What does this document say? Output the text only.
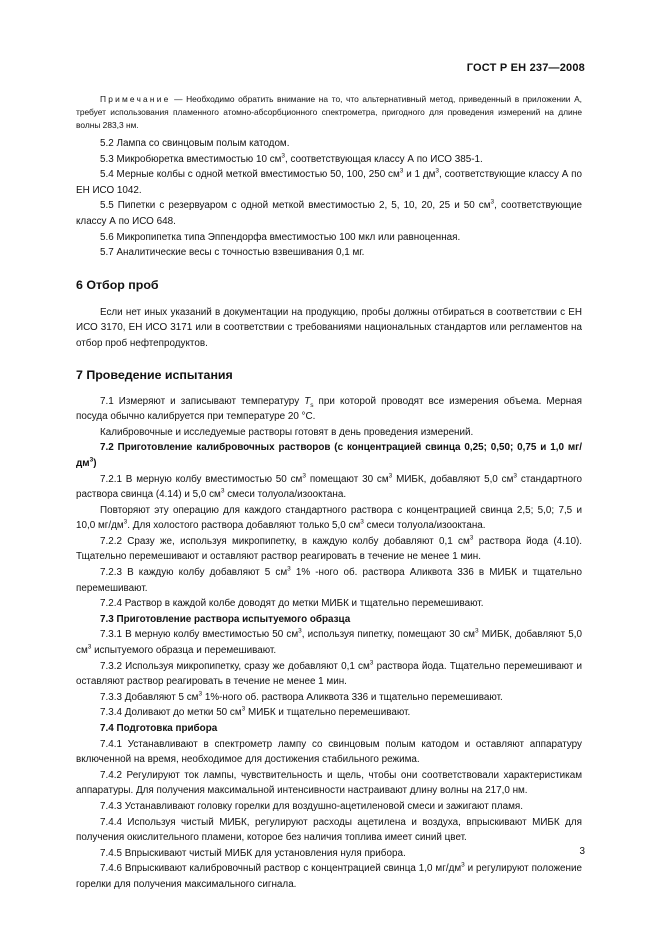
ГОСТ Р ЕН 237—2008

Примечание — Необходимо обратить внимание на то, что альтернативный метод, приведенный в приложении А, требует использования пламенного атомно-абсорбционного спектрометра, пригодного для проведения измерений на длине волны 283,3 нм.

5.2 Лампа со свинцовым полым катодом.

5.3 Микробюретка вместимостью 10 $см^3$, соответствующая классу А по ИСО 385-1.

5.4 Мерные колбы с одной меткой вместимостью 50, 100, 250 $см^3$ и 1 $дм^3$, соответствующие классу А по ЕН ИСО 1042.

5.5 Пипетки с резервуаром с одной меткой вместимостью 2, 5, 10, 20, 25 и 50 $см^3$, соответствующие классу А по ИСО 648.

5.6 Микропипетка типа Эппендорфа вместимостью 100 мкл или равноценная.

5.7 Аналитические весы с точностью взвешивания 0,1 мг.

6 Отбор проб

Если нет иных указаний в документации на продукцию, пробы должны отбираться в соответствии с ЕН ИСО 3170, ЕН ИСО 3171 или в соответствии с требованиями национальных стандартов или регламентов на отбор проб нефтепродуктов.

7 Проведение испытания

7.1 Измеряют и записывают температуру $T_s$ при которой проводят все измерения объема. Мерная посуда обычно калибруется при температуре 20 °С.

Калибровочные и исследуемые растворы готовят в день проведения измерений.

7.2 Приготовление калибровочных растворов (с концентрацией свинца 0,25; 0,50; 0,75 и 1,0 $мг/дм^3$)

7.2.1 В мерную колбу вместимостью 50 $см^3$ помещают 30 $см^3$ МИБК, добавляют 5,0 $см^3$ стандартного раствора свинца (4.14) и 5,0 $см^3$ смеси толуола/изооктана.

Повторяют эту операцию для каждого стандартного раствора с концентрацией свинца 2,5; 5,0; 7,5 и 10,0 $мг/дм^3$. Для холостого раствора добавляют только 5,0 $см^3$ смеси толуола/изооктана.

7.2.2 Сразу же, используя микропипетку, в каждую колбу добавляют 0,1 $см^3$ раствора йода (4.10). Тщательно перемешивают и оставляют раствор реагировать в течение не менее 1 мин.

7.2.3 В каждую колбу добавляют 5 $см^3$ 1% -ного об. раствора Аликвота 336 в МИБК и тщательно перемешивают.

7.2.4 Раствор в каждой колбе доводят до метки МИБК и тщательно перемешивают.

7.3 Приготовление раствора испытуемого образца

7.3.1 В мерную колбу вместимостью 50 $см^3$, используя пипетку, помещают 30 $см^3$ МИБК, добавляют 5,0 $см^3$ испытуемого образца и перемешивают.

7.3.2 Используя микропипетку, сразу же добавляют 0,1 $см^3$ раствора йода. Тщательно перемешивают и оставляют раствор реагировать в течение не менее 1 мин.

7.3.3 Добавляют 5 $см^3$ 1%-ного об. раствора Аликвота 336 и тщательно перемешивают.

7.3.4 Доливают до метки 50 $см^3$ МИБК и тщательно перемешивают.

7.4 Подготовка прибора

7.4.1 Устанавливают в спектрометр лампу со свинцовым полым катодом и оставляют аппаратуру включенной на время, необходимое для достижения стабильного режима.

7.4.2 Регулируют ток лампы, чувствительность и щель, чтобы они соответствовали характеристикам аппаратуры. Для получения максимальной интенсивности настраивают длину волны на 217,0 нм.

7.4.3 Устанавливают головку горелки для воздушно-ацетиленовой смеси и зажигают пламя.

7.4.4 Используя чистый МИБК, регулируют расходы ацетилена и воздуха, впрыскивают МИБК для получения окислительного пламени, которое без наличия топлива имеет синий цвет.

7.4.5 Впрыскивают чистый МИБК для установления нуля прибора.

7.4.6 Впрыскивают калибровочный раствор с концентрацией свинца 1,0 $мг/дм^3$ и регулируют положение горелки для получения максимального сигнала.

3
